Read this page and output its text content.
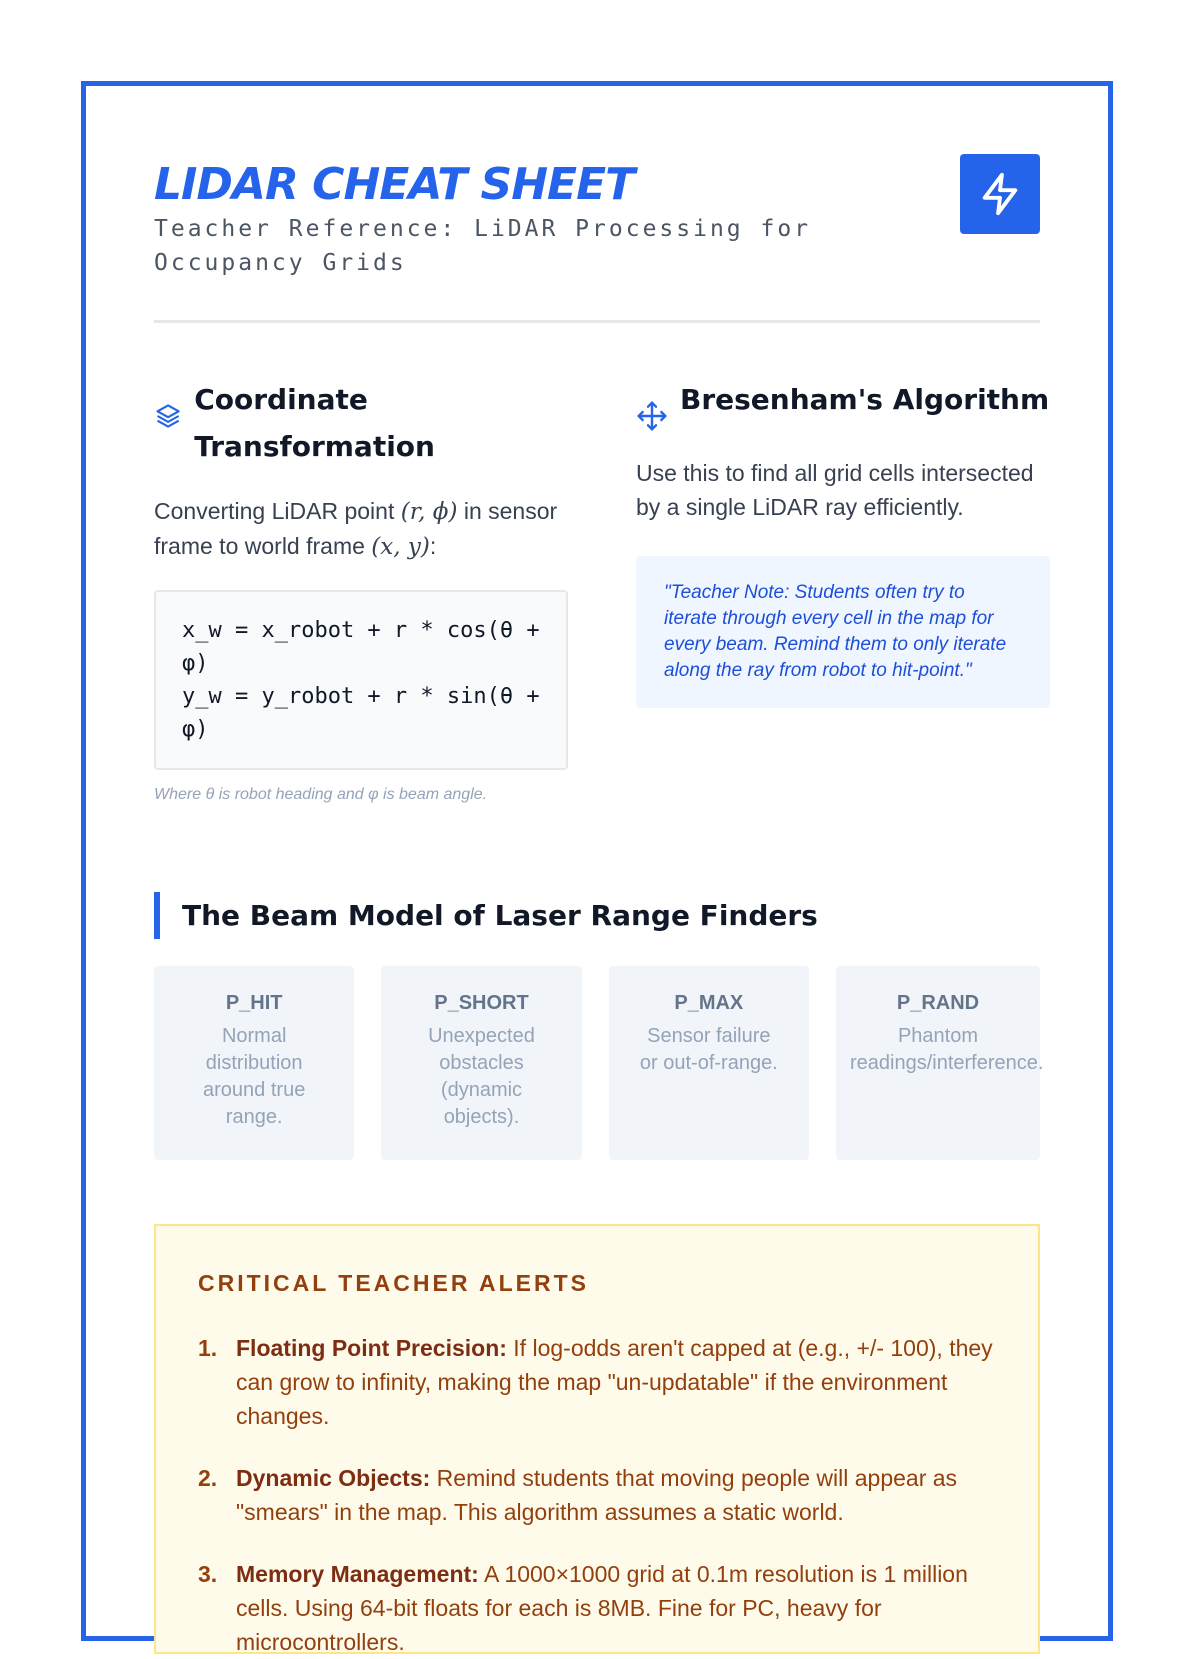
LIDAR CHEAT SHEET
Teacher Reference: LiDAR Processing for Occupancy Grids
Coordinate Transformation
Converting LiDAR point (r, ϕ) in sensor frame to world frame (x, y):
x_w = x_robot + r * cos(θ + φ)
y_w = y_robot + r * sin(θ + φ)
Where θ is robot heading and φ is beam angle.
Bresenham's Algorithm
Use this to find all grid cells intersected by a single LiDAR ray efficiently.
"Teacher Note: Students often try to iterate through every cell in the map for every beam. Remind them to only iterate along the ray from robot to hit-point."
The Beam Model of Laser Range Finders
P_HIT
Normal distribution around true range.
P_SHORT
Unexpected obstacles (dynamic objects).
P_MAX
Sensor failure or out-of-range.
P_RAND
Phantom readings/interference.
CRITICAL TEACHER ALERTS
1. Floating Point Precision: If log-odds aren't capped at (e.g., +/- 100), they can grow to infinity, making the map "un-updatable" if the environment changes.
2. Dynamic Objects: Remind students that moving people will appear as "smears" in the map. This algorithm assumes a static world.
3. Memory Management: A 1000×1000 grid at 0.1m resolution is 1 million cells. Using 64-bit floats for each is 8MB. Fine for PC, heavy for microcontrollers.
